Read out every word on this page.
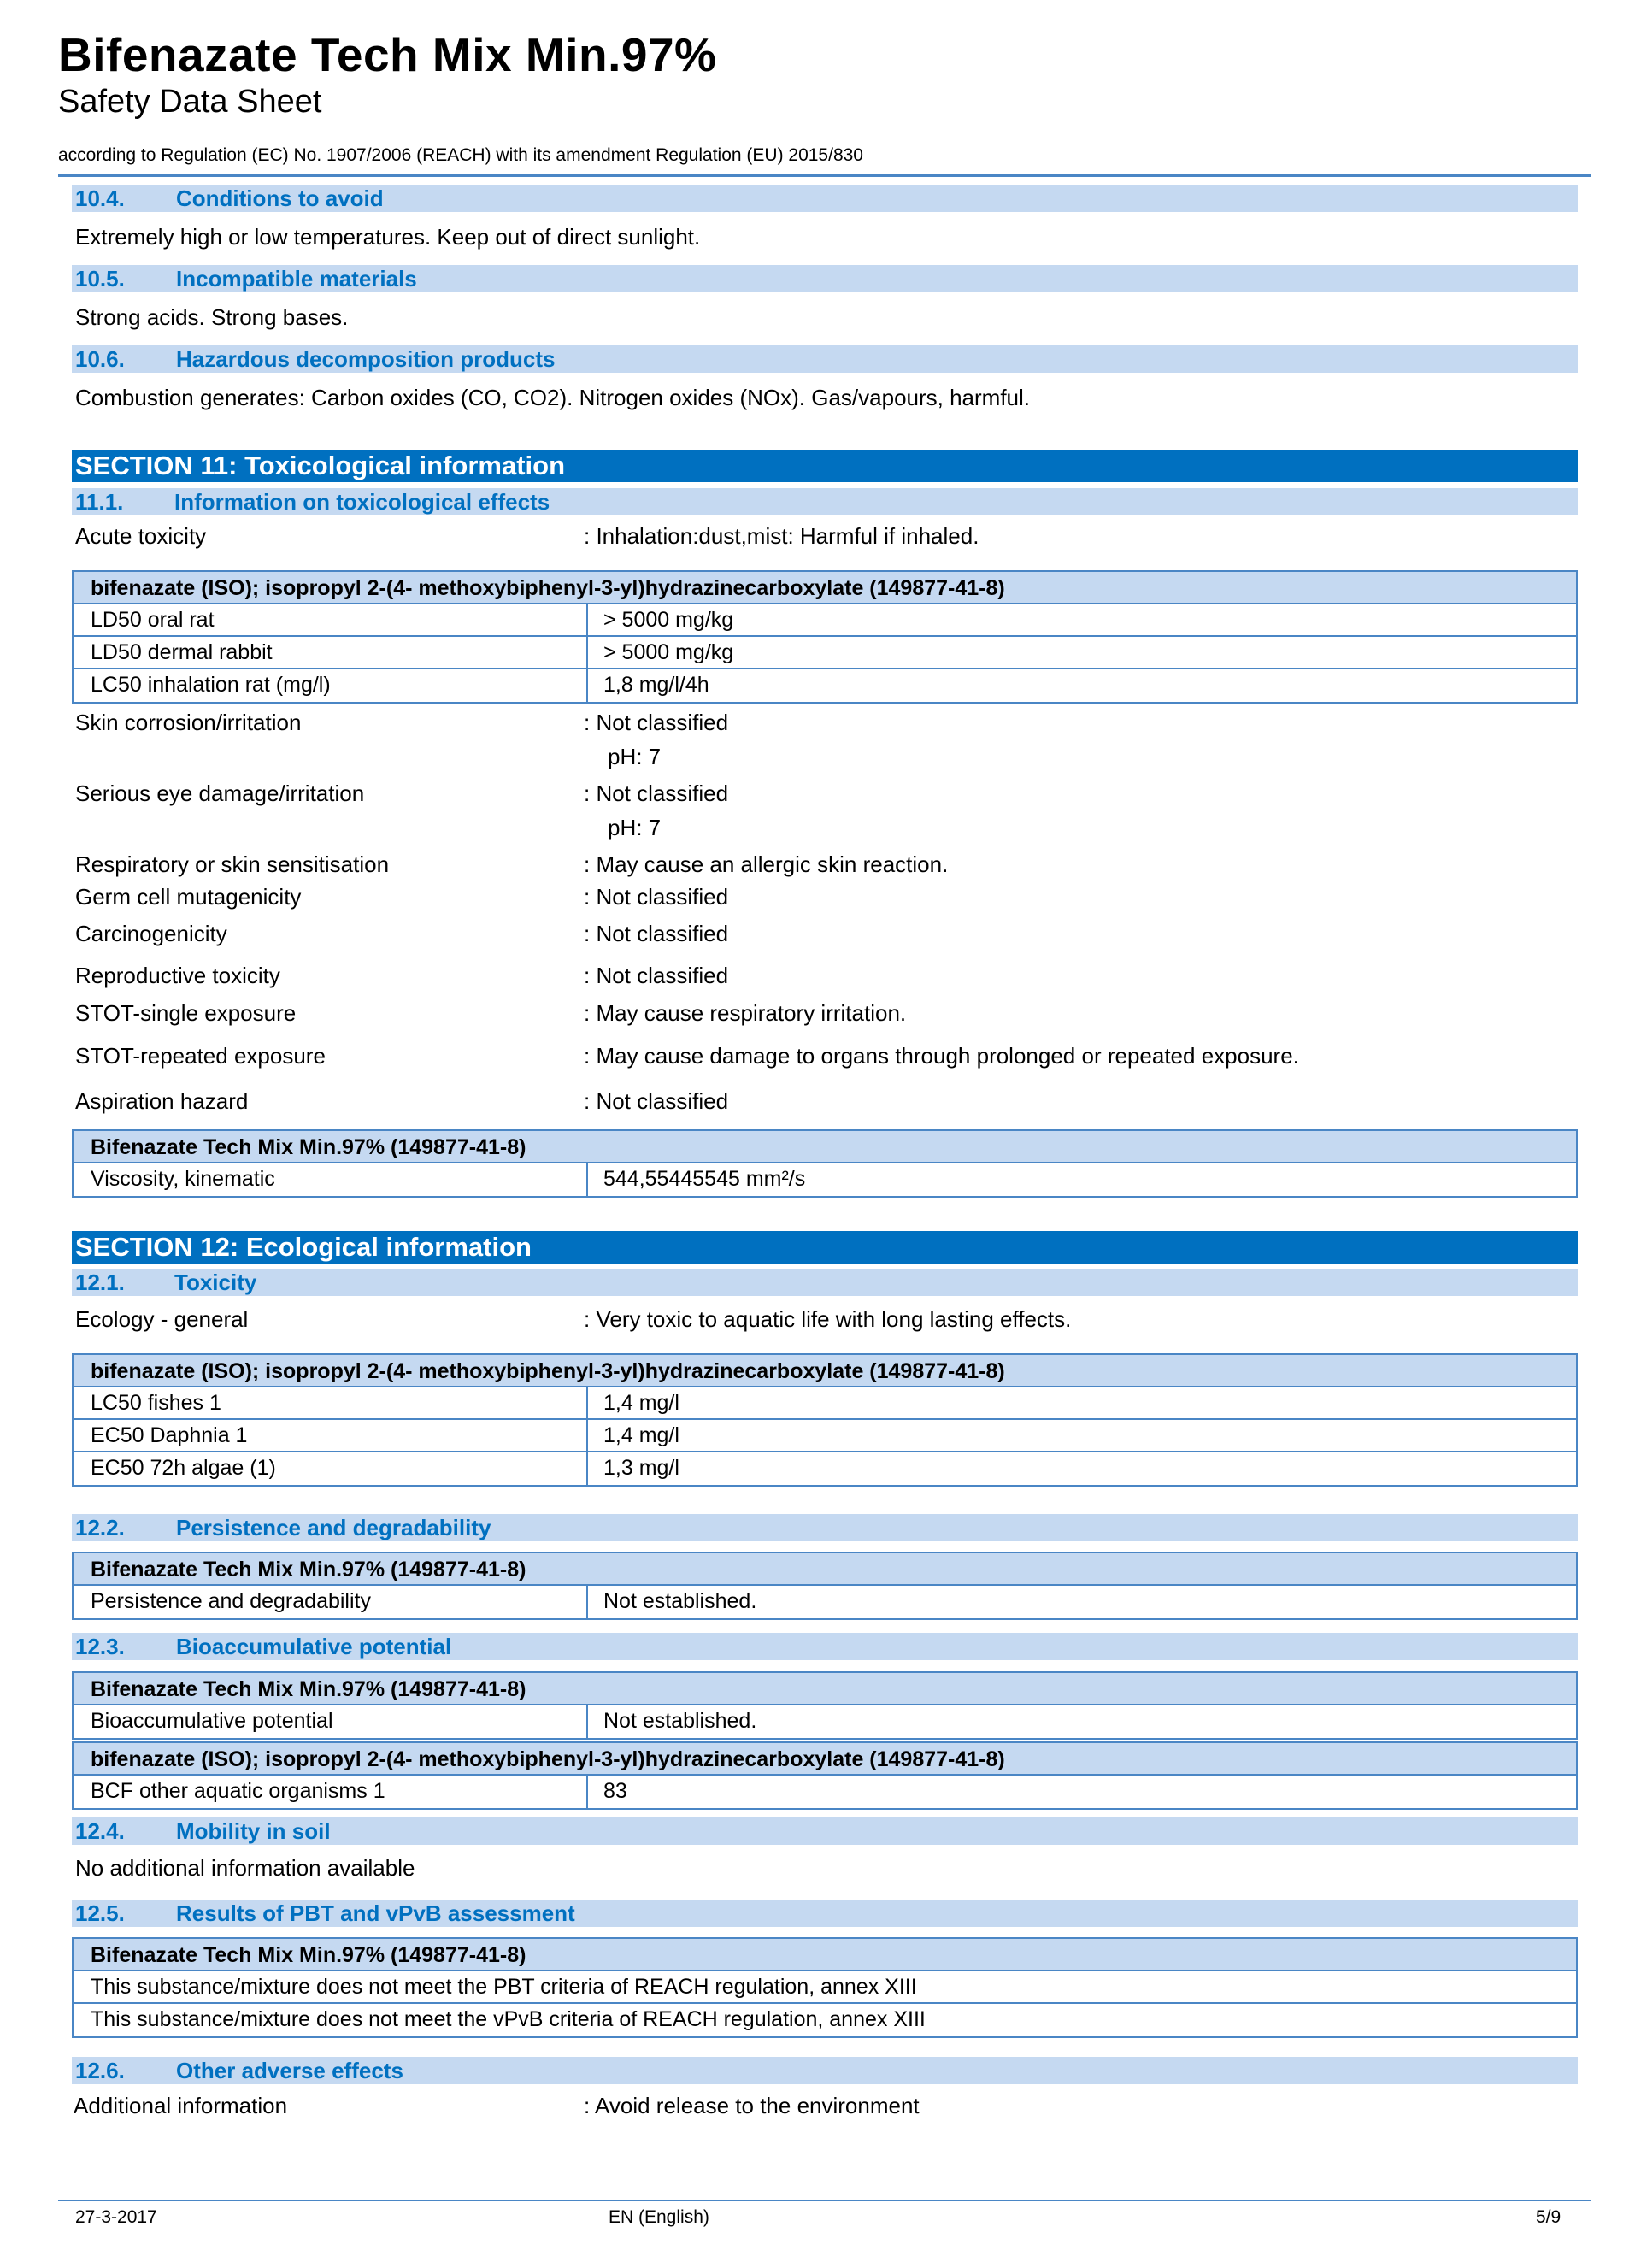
Bifenazate Tech Mix Min.97%
Safety Data Sheet
according to Regulation (EC) No. 1907/2006 (REACH) with its amendment Regulation (EU) 2015/830
10.4. Conditions to avoid
Extremely high or low temperatures. Keep out of direct sunlight.
10.5. Incompatible materials
Strong acids. Strong bases.
10.6. Hazardous decomposition products
Combustion generates: Carbon oxides (CO, CO2). Nitrogen oxides (NOx). Gas/vapours, harmful.
SECTION 11: Toxicological information
11.1. Information on toxicological effects
Acute toxicity	: Inhalation:dust,mist: Harmful if inhaled.
bifenazate (ISO); isopropyl 2-(4- methoxybiphenyl-3-yl)hydrazinecarboxylate (149877-41-8)
LD50 oral rat	> 5000 mg/kg
LD50 dermal rabbit	> 5000 mg/kg
LC50 inhalation rat (mg/l)	1,8 mg/l/4h
Skin corrosion/irritation	: Not classified
pH: 7
Serious eye damage/irritation	: Not classified
pH: 7
Respiratory or skin sensitisation	: May cause an allergic skin reaction.
Germ cell mutagenicity	: Not classified
Carcinogenicity	: Not classified
Reproductive toxicity	: Not classified
STOT-single exposure	: May cause respiratory irritation.
STOT-repeated exposure	: May cause damage to organs through prolonged or repeated exposure.
Aspiration hazard	: Not classified
Bifenazate Tech Mix Min.97% (149877-41-8)
Viscosity, kinematic	544,55445545 mm²/s
SECTION 12: Ecological information
12.1. Toxicity
Ecology - general	: Very toxic to aquatic life with long lasting effects.
bifenazate (ISO); isopropyl 2-(4- methoxybiphenyl-3-yl)hydrazinecarboxylate (149877-41-8)
LC50 fishes 1	1,4 mg/l
EC50 Daphnia 1	1,4 mg/l
EC50 72h algae (1)	1,3 mg/l
12.2. Persistence and degradability
Bifenazate Tech Mix Min.97% (149877-41-8)
Persistence and degradability	Not established.
12.3. Bioaccumulative potential
Bifenazate Tech Mix Min.97% (149877-41-8)
Bioaccumulative potential	Not established.
bifenazate (ISO); isopropyl 2-(4- methoxybiphenyl-3-yl)hydrazinecarboxylate (149877-41-8)
BCF other aquatic organisms 1	83
12.4. Mobility in soil
No additional information available
12.5. Results of PBT and vPvB assessment
Bifenazate Tech Mix Min.97% (149877-41-8)
This substance/mixture does not meet the PBT criteria of REACH regulation, annex XIII
This substance/mixture does not meet the vPvB criteria of REACH regulation, annex XIII
12.6. Other adverse effects
Additional information	: Avoid release to the environment
27-3-2017	EN (English)	5/9
